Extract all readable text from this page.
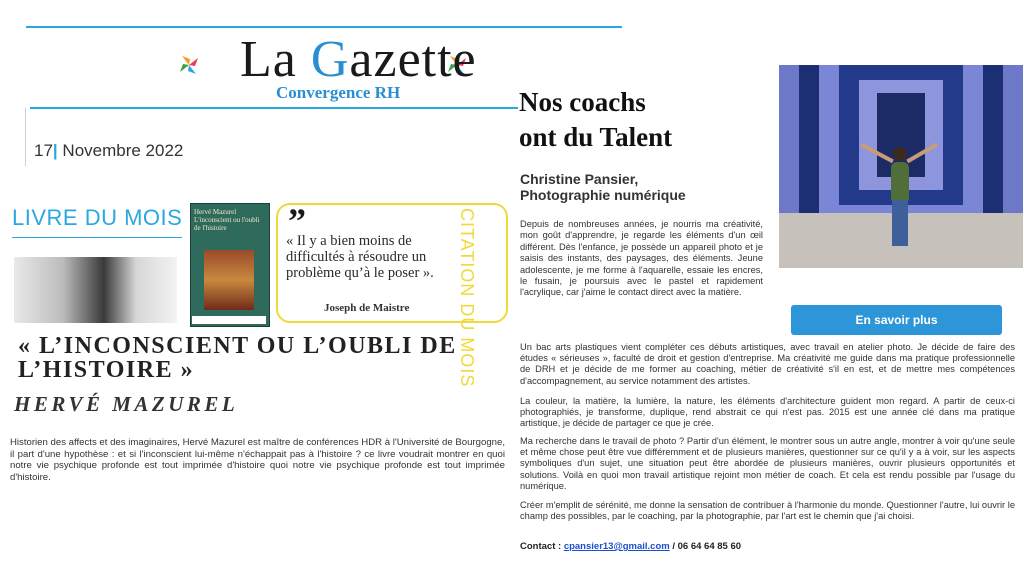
La Gazette
Convergence RH
17| Novembre 2022
LIVRE DU MOIS Hervé Mazurel L'inconscient ou l'oubli de l'histoire	”
« Il y a bien moins de difficultés à résoudre un problème qu’à le poser ».
Joseph de Maistre	CITATION DU MOIS
« L’INCONSCIENT OU L’OUBLI DE L’HISTOIRE »
HERVÉ MAZUREL
Historien des affects et des imaginaires, Hervé Mazurel est maître de conférences HDR à l'Université de Bourgogne, il part d'une hypothèse : et si l'inconscient lui-même n'échappait pas à l'histoire ? ce livre voudrait montrer en quoi notre vie psychique profonde est tout imprimée d'histoire quoi notre vie psychique profonde est tout imprimée d'histoire.
Nos coachs
ont du Talent
Christine Pansier,
Photographie numérique
Depuis de nombreuses années, je nourris ma créativité, mon goût d'apprendre, je regarde les éléments d'un œil différent. Dès l'enfance, je possède un appareil photo et je saisis des instants, des paysages, des éléments. Jeune adolescente, je me forme à l'aquarelle, essaie les encres, le fusain, je poursuis avec le pastel et rapidement l'acrylique, car j'aime le contact direct avec la matière.
En savoir plus
Un bac arts plastiques vient compléter ces débuts artistiques, avec travail en atelier photo. Je décide de faire des études « sérieuses », faculté de droit et gestion d'entreprise. Ma créativité me guide dans ma pratique professionnelle de DRH et je décide de me former au coaching, métier de créativité s'il en est, et de mettre mes compétences d'accompagnement, au service notamment des artistes.
La couleur, la matière, la lumière, la nature, les éléments d'architecture guident mon regard. A partir de ceux-ci photographiés, je transforme, duplique, rend abstrait ce qui n'est pas. 2015 est une année clé dans ma pratique artistique, je décide de partager ce que je crée.
Ma recherche dans le travail de photo ? Partir d'un élément, le montrer sous un autre angle, montrer à voir qu'une seule et même chose peut être vue différemment et de plusieurs manières, questionner sur ce qu'il y a à voir, sur les aspects symboliques d'un sujet, une situation peut être abordée de plusieurs manières, ouvrir plusieurs opportunités et solutions. Voilà en quoi mon travail artistique rejoint mon métier de coach. Et cela est rendu possible par l'usage du numérique.
Créer m'emplit de sérénité, me donne la sensation de contribuer à l'harmonie du monde. Questionner l'autre, lui ouvrir le champ des possibles, par le coaching, par la photographie, par l'art est le chemin que j'ai choisi.
Contact : cpansier13@gmail.com / 06 64 64 85 60
